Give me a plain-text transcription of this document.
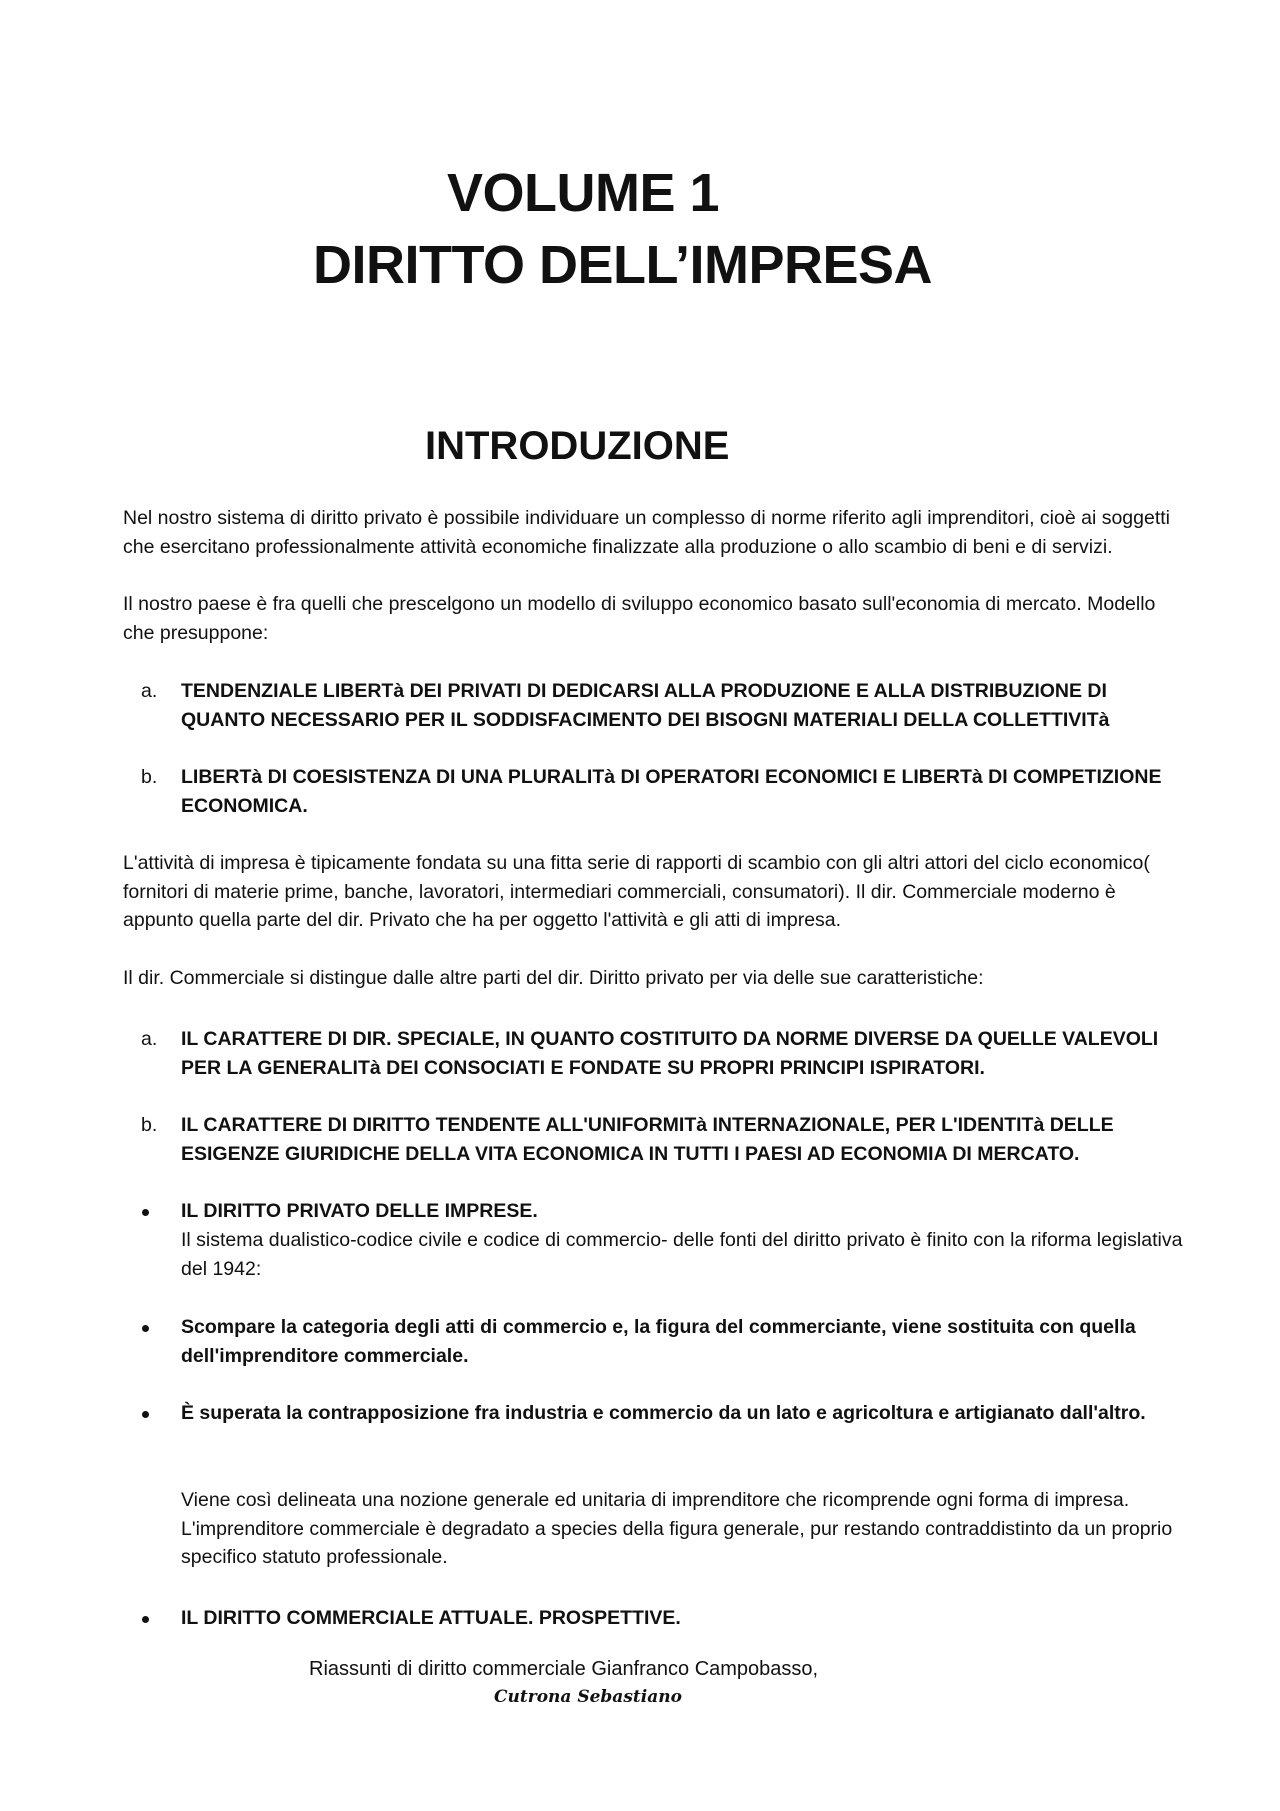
VOLUME 1
DIRITTO DELL’IMPRESA
INTRODUZIONE
Nel nostro sistema di diritto privato è possibile individuare un complesso di norme riferito agli imprenditori, cioè ai soggetti che esercitano professionalmente attività economiche finalizzate alla produzione o allo scambio di beni e di servizi.
Il nostro paese è fra quelli che prescelgono un modello di sviluppo economico basato sull'economia di mercato. Modello che presuppone:
a. TENDENZIALE LIBERTà DEI PRIVATI DI DEDICARSI ALLA PRODUZIONE E ALLA DISTRIBUZIONE DI QUANTO NECESSARIO PER IL SODDISFACIMENTO DEI BISOGNI MATERIALI DELLA COLLETTIVITà
b. LIBERTà DI COESISTENZA DI UNA PLURALITà DI OPERATORI ECONOMICI E LIBERTà DI COMPETIZIONE ECONOMICA.
L'attività di impresa è tipicamente fondata su una fitta serie di rapporti di scambio con gli altri attori del ciclo economico( fornitori di materie prime, banche, lavoratori, intermediari commerciali, consumatori). Il dir. Commerciale moderno è appunto quella parte del dir. Privato che ha per oggetto l'attività e gli atti di impresa.
Il dir. Commerciale si distingue dalle altre parti del dir. Diritto privato per via delle sue caratteristiche:
a. IL CARATTERE DI DIR. SPECIALE, IN QUANTO COSTITUITO DA NORME DIVERSE DA QUELLE VALEVOLI PER LA GENERALITà DEI CONSOCIATI E FONDATE SU PROPRI PRINCIPI ISPIRATORI.
b. IL CARATTERE DI DIRITTO TENDENTE ALL'UNIFORMITà INTERNAZIONALE, PER L'IDENTITà DELLE ESIGENZE GIURIDICHE DELLA VITA ECONOMICA IN TUTTI I PAESI AD ECONOMIA DI MERCATO.
IL DIRITTO PRIVATO DELLE IMPRESE.
Il sistema dualistico-codice civile e codice di commercio- delle fonti del diritto privato è finito con la riforma legislativa del 1942:
Scompare la categoria degli atti di commercio e, la figura del commerciante, viene sostituita con quella dell'imprenditore commerciale.
È superata la contrapposizione fra industria e commercio da un lato e agricoltura e artigianato dall'altro.
Viene così delineata una nozione generale ed unitaria di imprenditore che ricomprende ogni forma di impresa. L'imprenditore commerciale è degradato a species della figura generale, pur restando contraddistinto da un proprio specifico statuto professionale.
IL DIRITTO COMMERCIALE ATTUALE. PROSPETTIVE.
Riassunti di diritto commerciale Gianfranco Campobasso,
Cutrona Sebastiano
